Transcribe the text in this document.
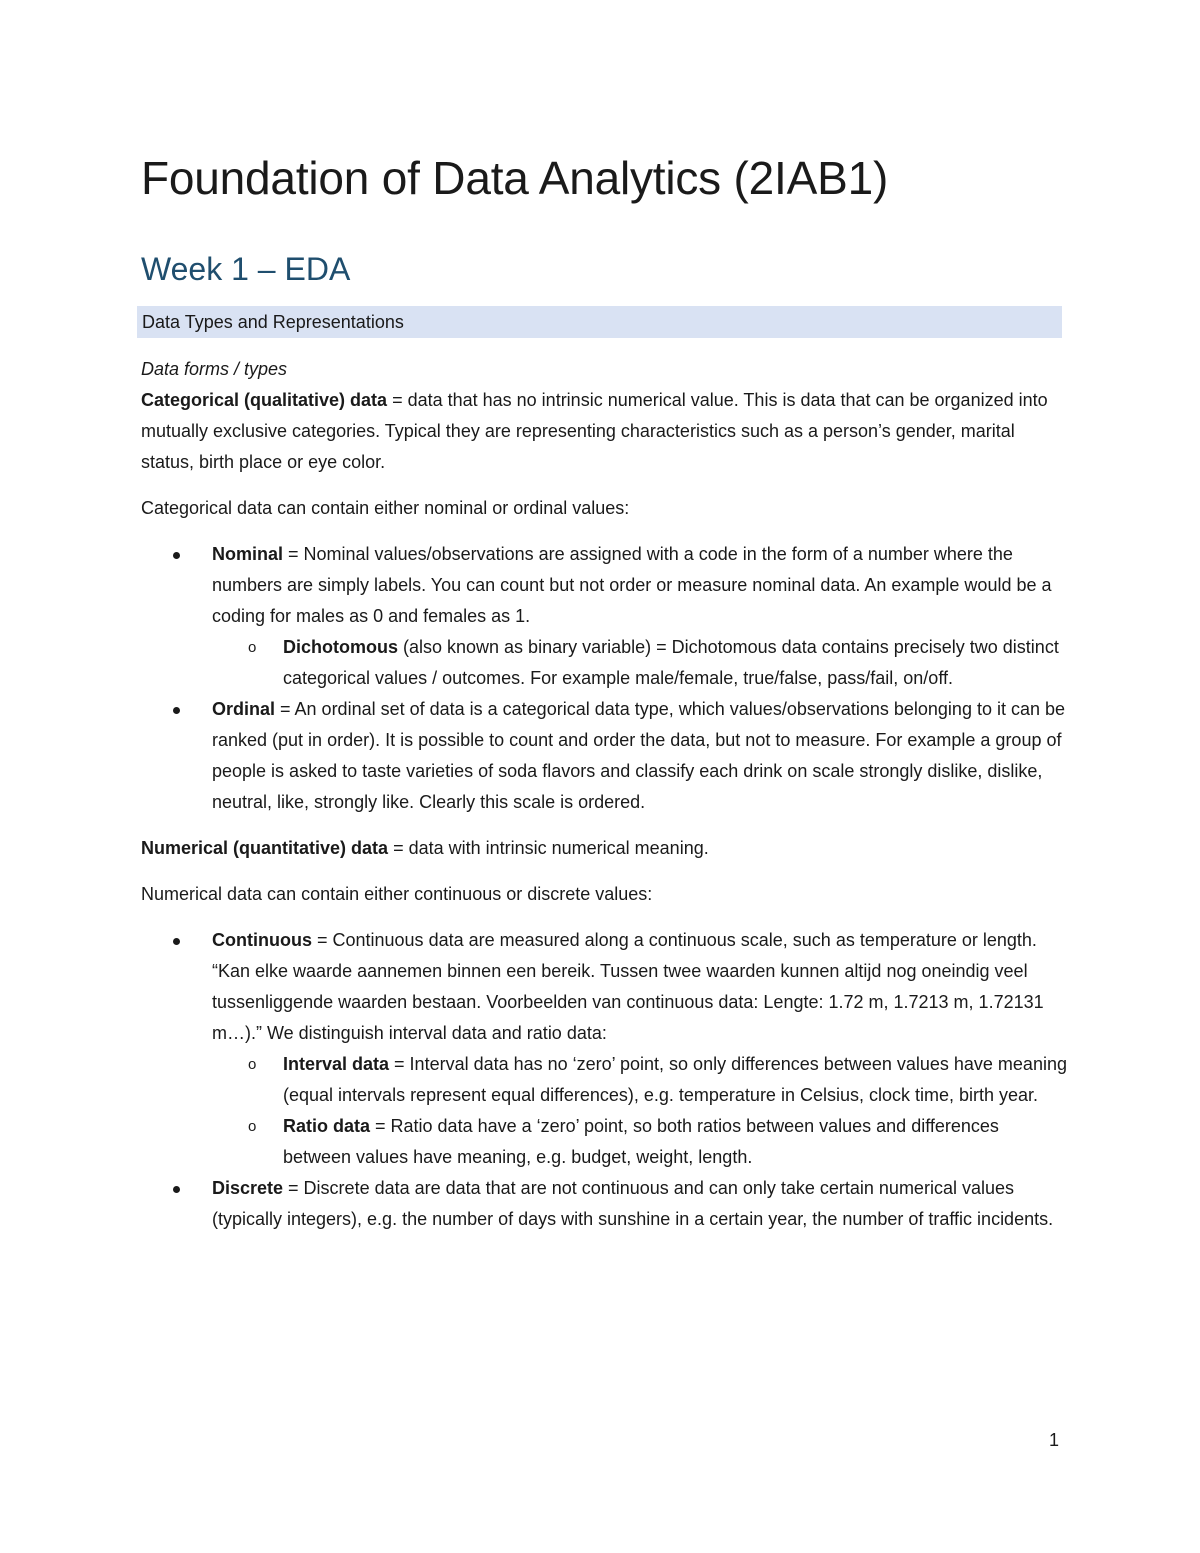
Foundation of Data Analytics (2IAB1)
Week 1 – EDA
Data Types and Representations

Data forms / types

Categorical (qualitative) data = data that has no intrinsic numerical value. This is data that can be organized into mutually exclusive categories. Typical they are representing characteristics such as a person’s gender, marital status, birth place or eye color.

Categorical data can contain either nominal or ordinal values:

Nominal = Nominal values/observations are assigned with a code in the form of a number where the numbers are simply labels. You can count but not order or measure nominal data. An example would be a coding for males as 0 and females as 1.
o Dichotomous (also known as binary variable) = Dichotomous data contains precisely two distinct categorical values / outcomes. For example male/female, true/false, pass/fail, on/off.
Ordinal = An ordinal set of data is a categorical data type, which values/observations belonging to it can be ranked (put in order). It is possible to count and order the data, but not to measure. For example a group of people is asked to taste varieties of soda flavors and classify each drink on scale strongly dislike, dislike, neutral, like, strongly like. Clearly this scale is ordered.

Numerical (quantitative) data = data with intrinsic numerical meaning.

Numerical data can contain either continuous or discrete values:

Continuous = Continuous data are measured along a continuous scale, such as temperature or length. “Kan elke waarde aannemen binnen een bereik. Tussen twee waarden kunnen altijd nog oneindig veel tussenliggende waarden bestaan. Voorbeelden van continuous data: Lengte: 1.72 m, 1.7213 m, 1.72131 m…).” We distinguish interval data and ratio data:
o Interval data = Interval data has no ‘zero’ point, so only differences between values have meaning (equal intervals represent equal differences), e.g. temperature in Celsius, clock time, birth year.
o Ratio data = Ratio data have a ‘zero’ point, so both ratios between values and differences between values have meaning, e.g. budget, weight, length.
Discrete = Discrete data are data that are not continuous and can only take certain numerical values (typically integers), e.g. the number of days with sunshine in a certain year, the number of traffic incidents.
1
